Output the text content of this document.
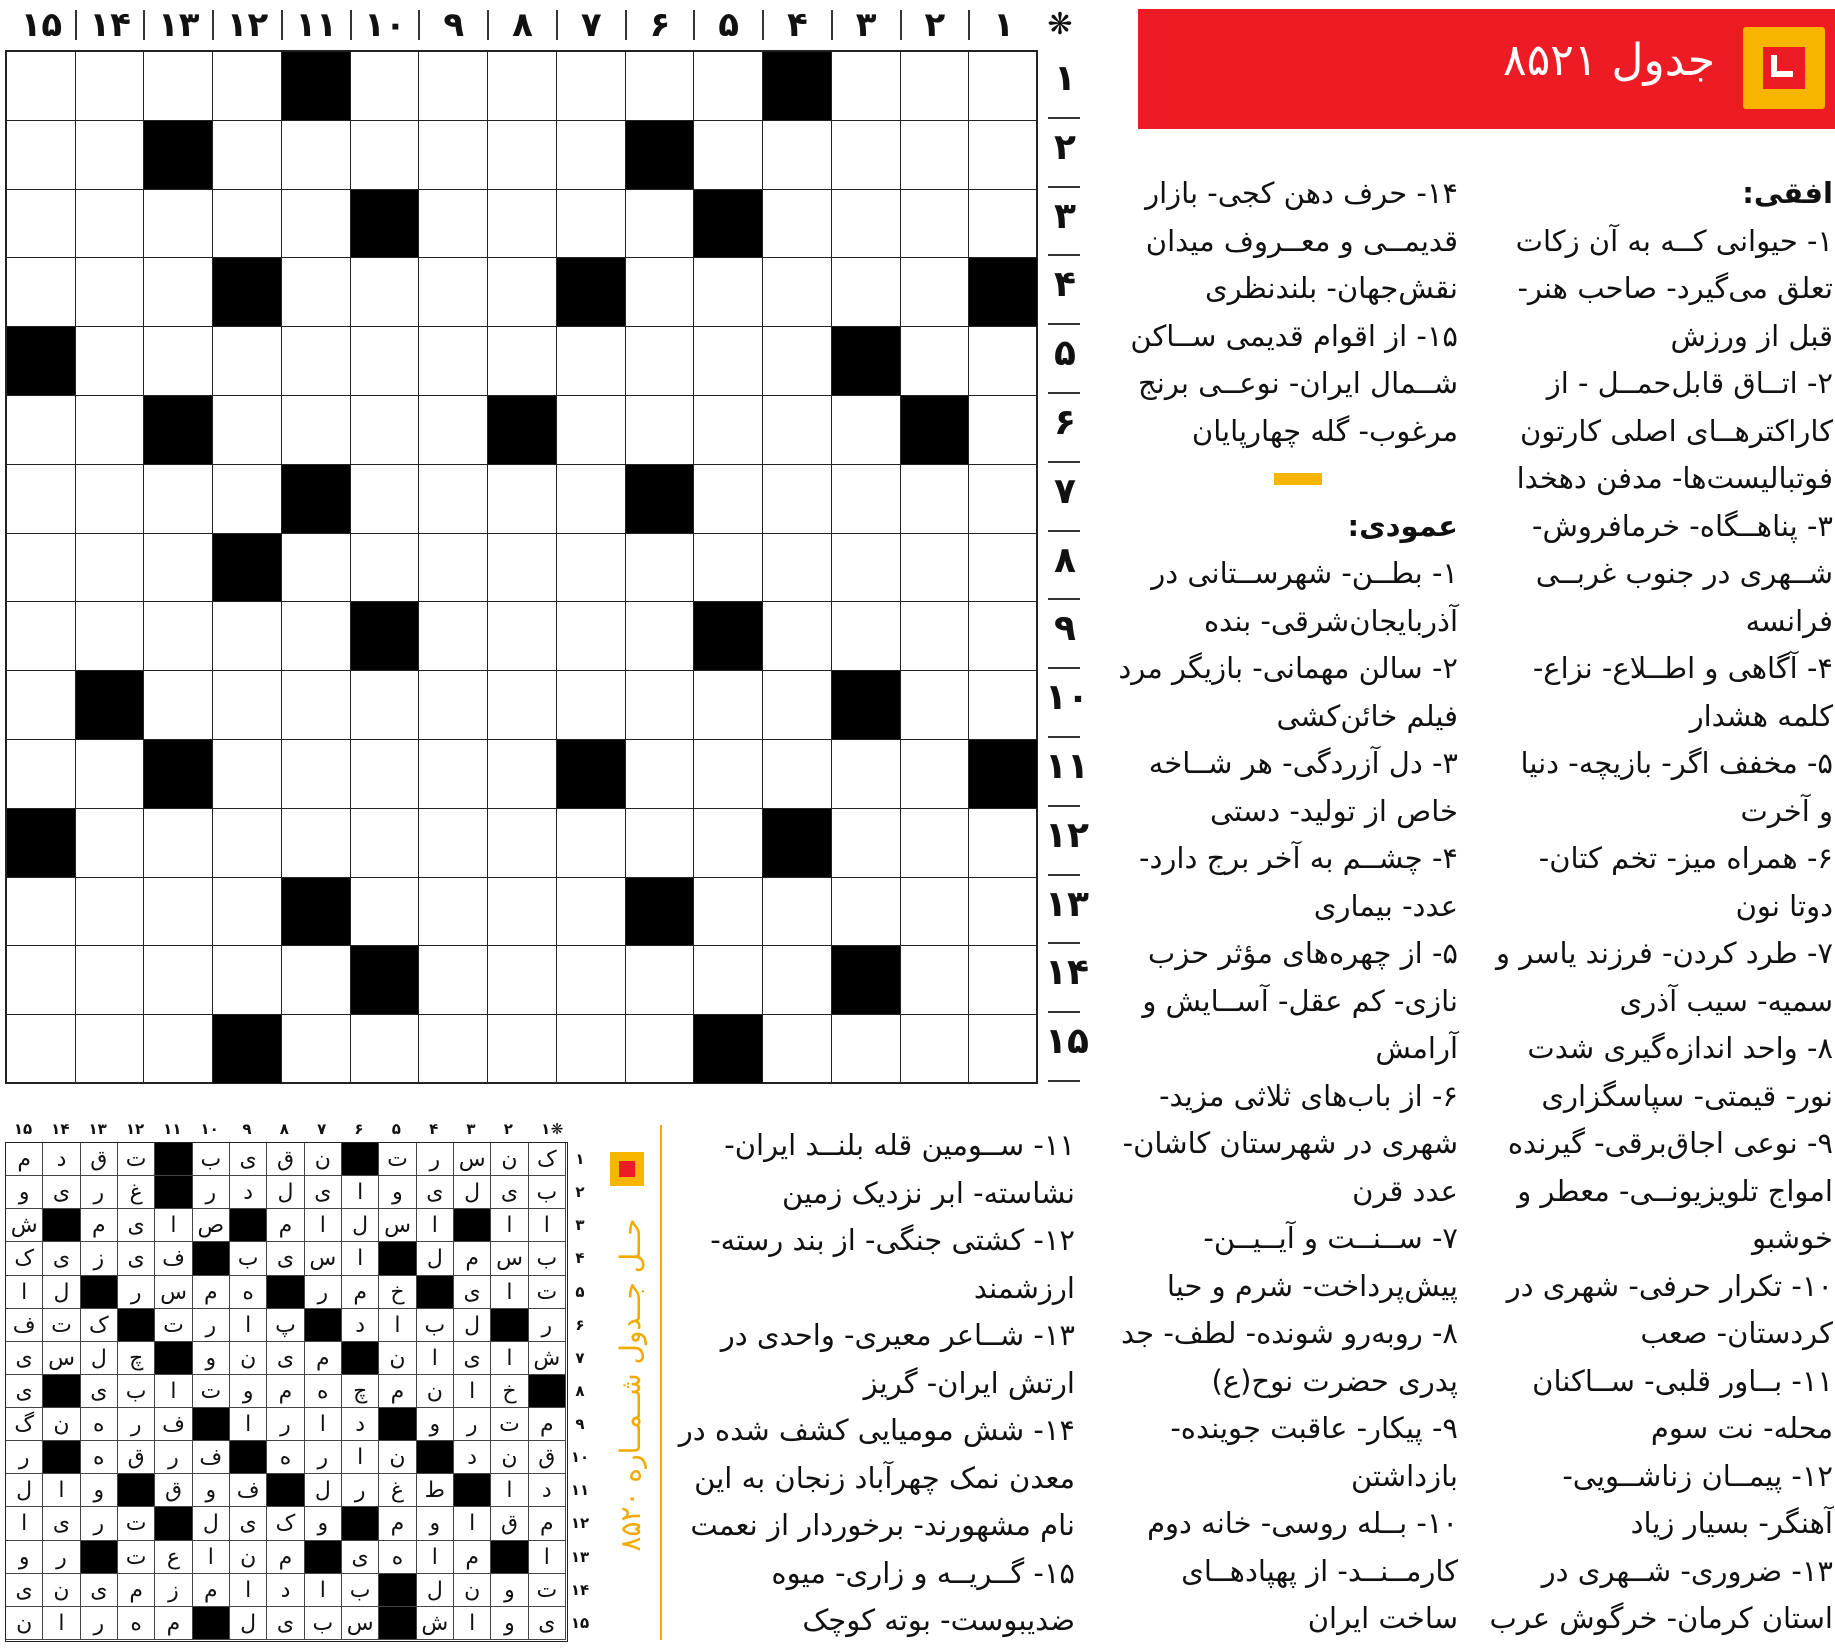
جدول ۸۵۲۱
افقی:
۱- حیوانی کــه به آن زکات
تعلق می‌گیرد- صاحب هنر-
قبل از ورزش
۲- اتــاق قابل‌حمــل - از
کاراکترهــای اصلی کارتون
فوتبالیست‌ها- مدفن دهخدا
۳- پناهــگاه- خرمافروش-
شــهری در جنوب غربــی
فرانسه
۴- آگاهی و اطــلاع- نزاع-
کلمه هشدار
۵- مخفف اگر- بازیچه- دنیا
و آخرت
۶- همراه میز- تخم کتان-
دوتا نون
۷- طرد کردن- فرزند یاسر و
سمیه- سیب آذری
۸- واحد اندازه‌گیری شدت
نور- قیمتی- سپاسگزاری
۹- نوعی اجاق‌برقی- گیرنده
امواج تلویزیونــی- معطر و
خوشبو
۱۰- تکرار حرفی- شهری در
کردستان- صعب
۱۱- بــاور قلبی- ســاکنان
محله- نت سوم
۱۲- پیمــان زناشــویی-
آهنگر- بسیار زیاد
۱۳- ضروری- شــهری در
استان کرمان- خرگوش عرب
۱۴- حرف دهن کجی- بازار
قدیمــی و معــروف میدان
نقش‌جهان- بلندنظری
۱۵- از اقوام قدیمی ســاکن
شــمال ایران- نوعــی برنج
مرغوب- گله چهارپایان
عمودی:
۱- بطــن- شهرســتانی در
آذربایجان‌شرقی- بنده
۲- سالن مهمانی- بازیگر مرد
فیلم خائن‌کشی
۳- دل آزردگی- هر شــاخه
خاص از تولید- دستی
۴- چشــم به آخر برج دارد-
عدد- بیماری
۵- از چهره‌های مؤثر حزب
نازی- کم عقل- آســایش و
آرامش
۶- از باب‌های ثلاثی مزید-
شهری در شهرستان کاشان-
عدد قرن
۷- ســنــت و آیــیــن-
پیش‌پرداخت- شرم و حیا
۸- روبه‌رو شونده- لطف- جد
پدری حضرت نوح(ع)
۹- پیکار- عاقبت جوینده-
بازداشتن
۱۰- بــله روسی- خانه دوم
کارمــنــد- از پهپادهــای
ساخت ایران
۱۱- ســومین قله بلنــد ایران-
نشاسته- ابر نزدیک زمین
۱۲- کشتی جنگی- از بند رسته-
ارزشمند
۱۳- شــاعر معیری- واحدی در
ارتش ایران- گریز
۱۴- شش مومیایی کشف شده در
معدن نمک چهرآباد زنجان به این
نام مشهورند- برخوردار از نعمت
۱۵- گــریــه و زاری- میوه
ضدیبوست- بوته کوچک
۱
۲
۳
۴
۵
۶
۷
۸
۹
۱۰
۱۱
۱۲
۱۳
۱۴
۱۵
۱
۲
۳
۴
۵
۶
۷
۸
۹
۱۰
۱۱
۱۲
۱۳
۱۴
۱۵
۱
۲
۳
۴
۵
۶
۷
۸
۹
۱۰
۱۱
۱۲
۱۳
۱۴
۱۵	❋
ک
ن
س
ر
ت
ن
ق
ی
ب
ت
ق
د
م
ب
ی
ل
ی
و
ا
ی
ل
د
ر
غ
ر
ی
و
ا
ا
ا
س
ل
ا
م
ص
ا
ی
م
ش
ب
س
م
ل
ا
س
ی
ب
ف
ی
ز
ی
ک
ت
ا
ی
خ
م
ر
ه
م
س
ر
ل
ا
ر
ل
ب
ا
د
پ
ا
ر
ت
ک
ت
ف
ش
ا
ی
ا
ن
م
ی
ن
و
چ
ل
س
ی
خ
ا
ن
م
چ
ه
م
و
ت
ا
ب
ی
ی
م
ت
ر
و
د
ا
ر
ا
ف
ر
ه
ن
گ
ق
ن
د
ن
ا
ر
ه
ف
ر
ق
ه
ر
د
ا
ط
غ
ر
ل
ف
و
ق
و
ا
ل
م
ق
ا
و
م
و
ک
ی
ل
ت
ر
ی
ا
ا
م
ا
ه
ی
م
ن
ا
ع
ت
ر
و
ت
و
ن
ل
ب
ا
د
ا
م
ز
م
ی
ن
ی
ی
و
ا
ش
س
ب
ی
ل
م
ه
ر
ا
ن
۱
۲
۳
۴
۵
۶
۷
۸
۹
۱۰
۱۱
۱۲
۱۳
۱۴
۱۵
حــل جــدول شــمــاره ۸۵۲۰
❋
